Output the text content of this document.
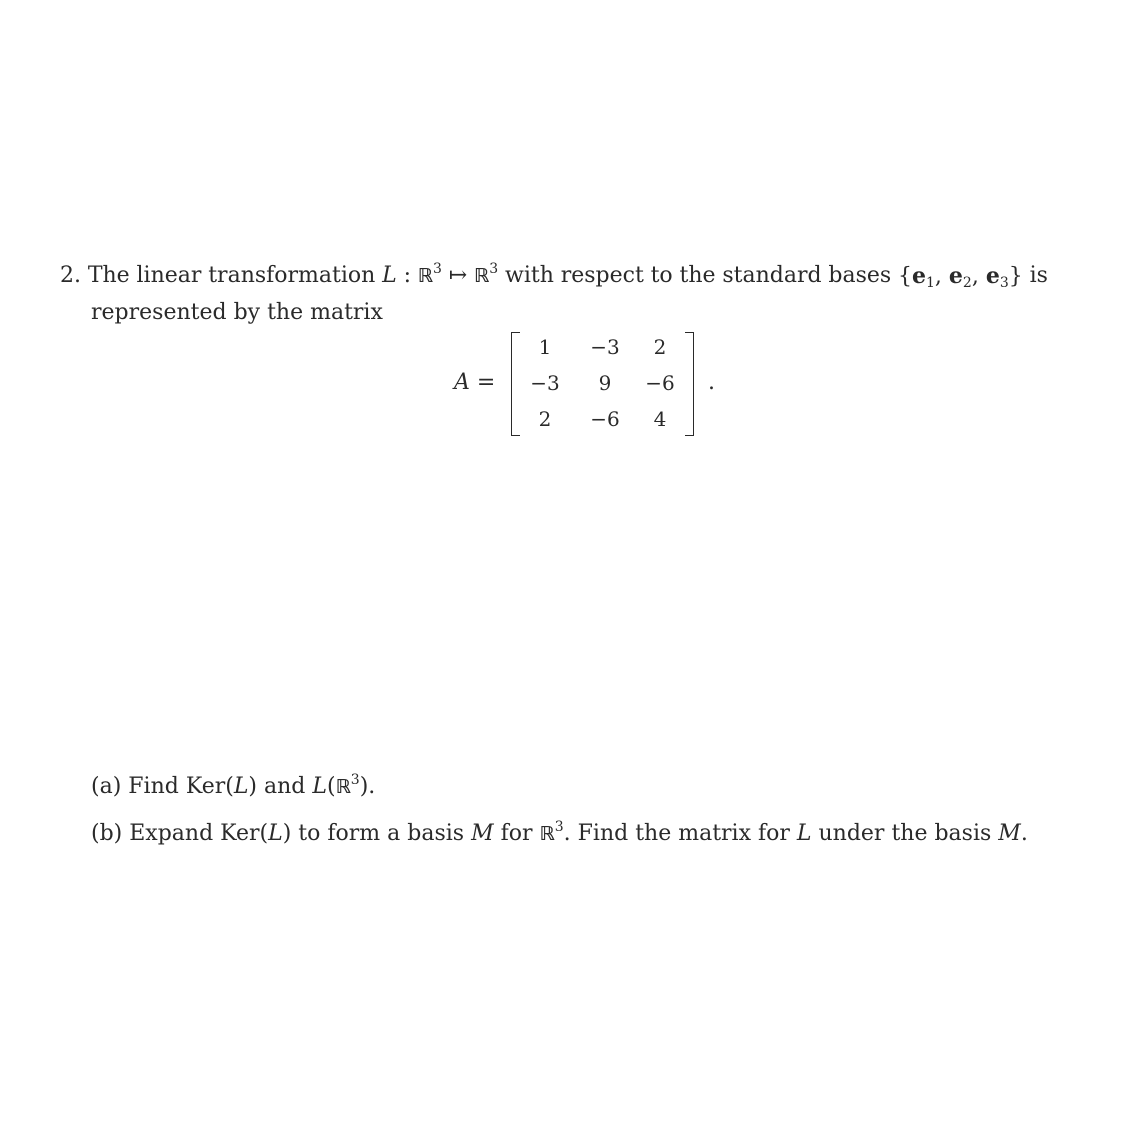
2. The linear transformation L : ℝ$^3$ ↦ ℝ$^3$ with respect to the standard bases {$e_1$, $e_2$, $e_3$} is
represented by the matrix
A =
1	−3	2
−3	9	−6
2	−6	4
.
(a) Find Ker(L) and L(ℝ$^3$).
(b) Expand Ker(L) to form a basis M for ℝ$^3$. Find the matrix for L under the basis M.
